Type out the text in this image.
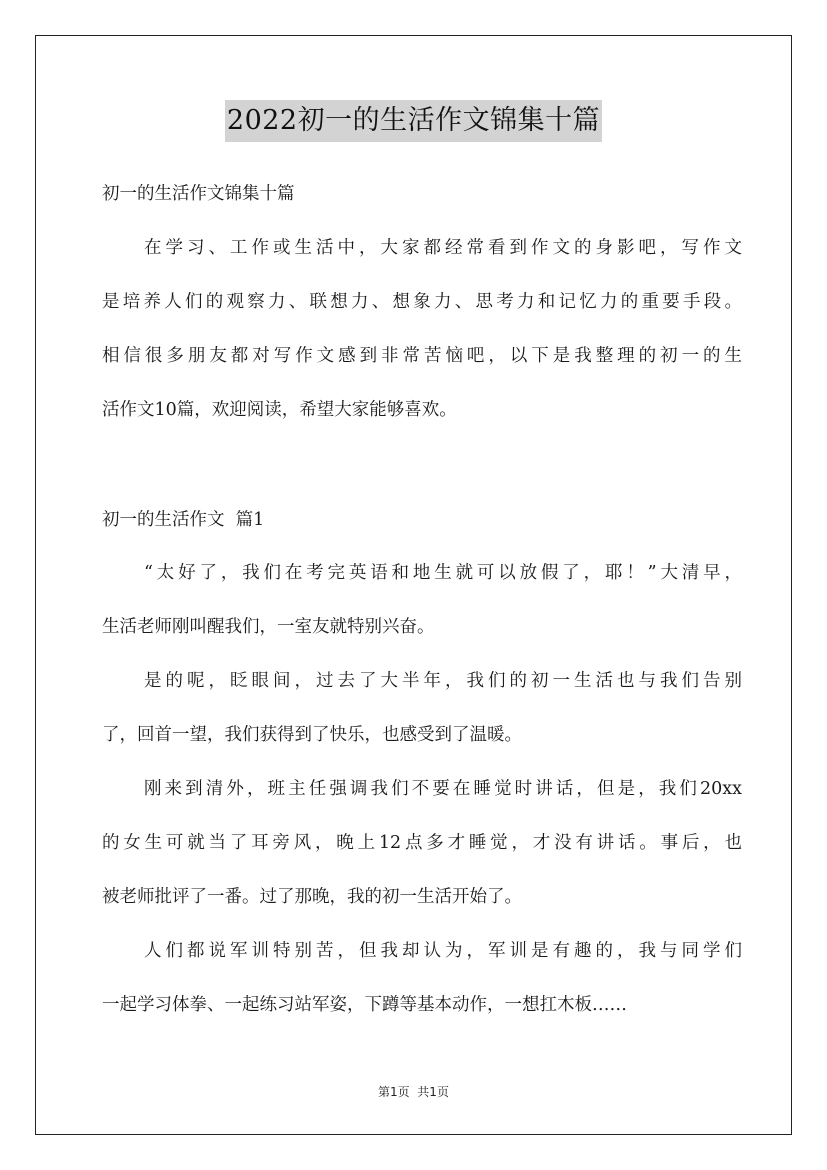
2022初一的生活作文锦集十篇

初一的生活作文锦集十篇

在学习、工作或生活中，大家都经常看到作文的身影吧，写作文

是培养人们的观察力、联想力、想象力、思考力和记忆力的重要手段。

相信很多朋友都对写作文感到非常苦恼吧，以下是我整理的初一的生

活作文10篇，欢迎阅读，希望大家能够喜欢。

初一的生活作文  篇1

“太好了，我们在考完英语和地生就可以放假了，耶！”大清早，

生活老师刚叫醒我们，一室友就特别兴奋。

是的呢，眨眼间，过去了大半年，我们的初一生活也与我们告别

了，回首一望，我们获得到了快乐，也感受到了温暖。

刚来到清外，班主任强调我们不要在睡觉时讲话，但是，我们20xx

的女生可就当了耳旁风，晚上12点多才睡觉，才没有讲话。事后，也

被老师批评了一番。过了那晚，我的初一生活开始了。

人们都说军训特别苦，但我却认为，军训是有趣的，我与同学们

一起学习体拳、一起练习站军姿，下蹲等基本动作，一想扛木板……

第1页  共1页
